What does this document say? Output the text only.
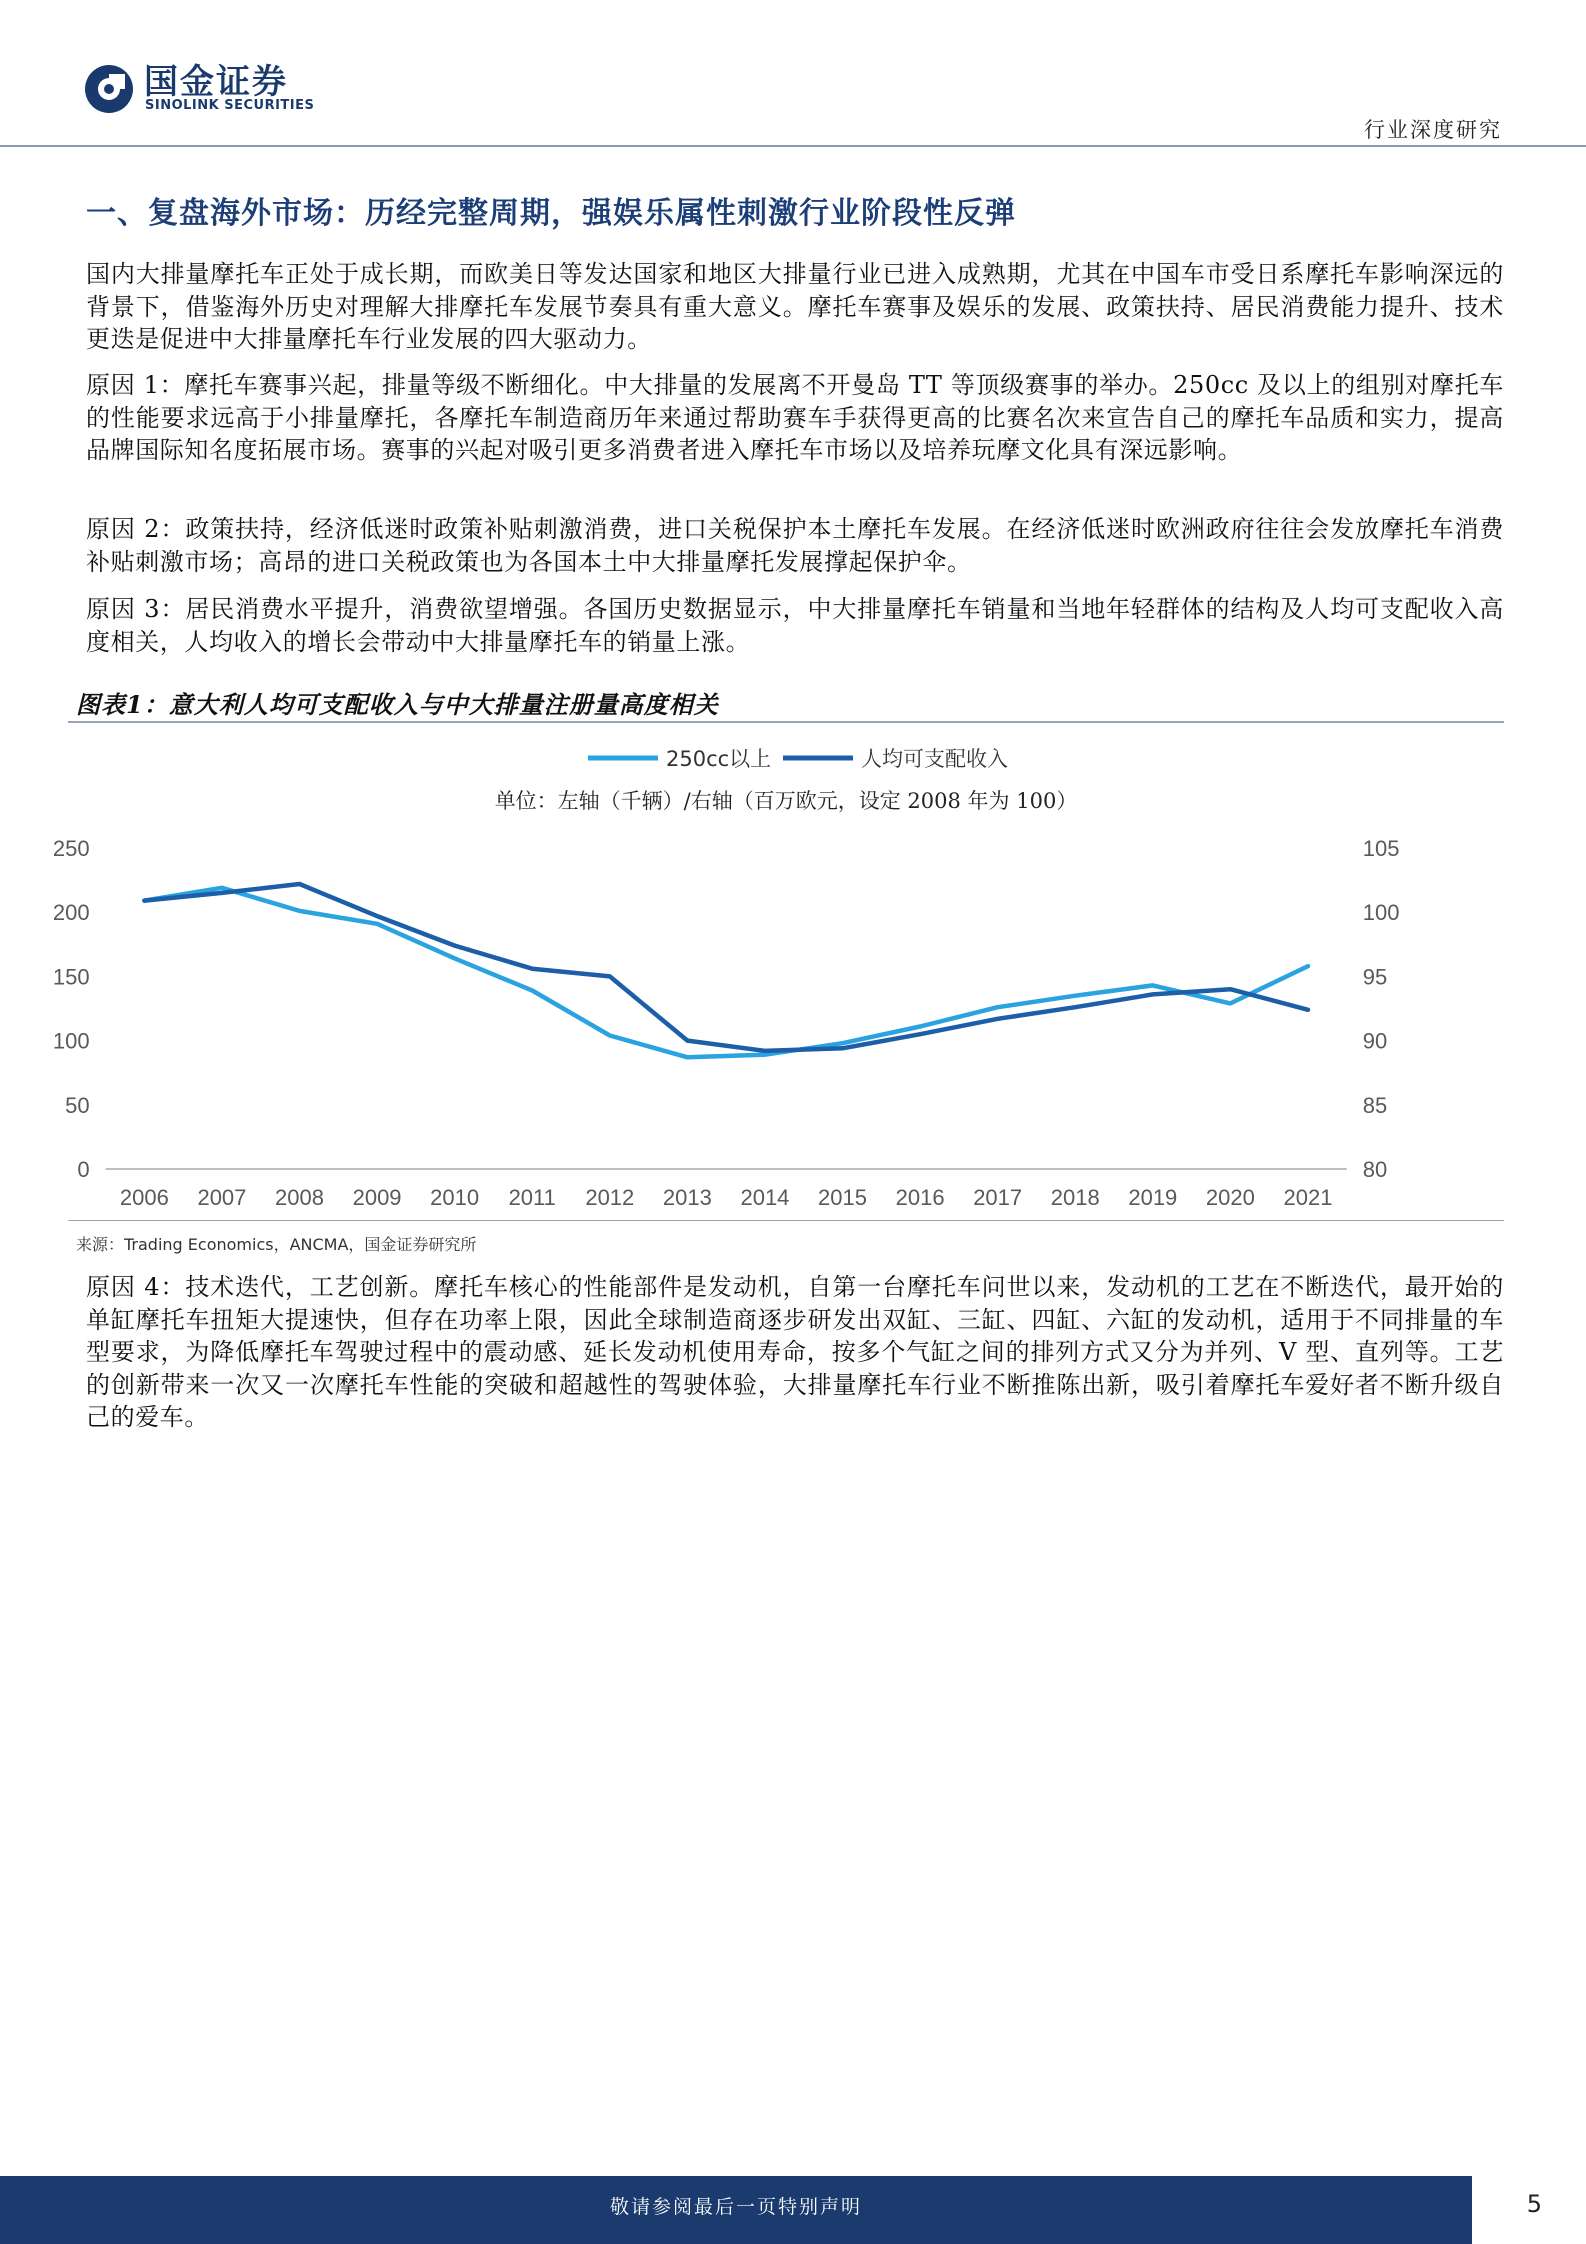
国金证券
SINOLINK SECURITIES
行业深度研究
一、复盘海外市场：历经完整周期，强娱乐属性刺激行业阶段性反弹

国内大排量摩托车正处于成长期，而欧美日等发达国家和地区大排量行业已进入成熟期，尤其在中国车市受日系摩托车影响深远的背景下，借鉴海外历史对理解大排摩托车发展节奏具有重大意义。摩托车赛事及娱乐的发展、政策扶持、居民消费能力提升、技术更迭是促进中大排量摩托车行业发展的四大驱动力。

原因 1：摩托车赛事兴起，排量等级不断细化。中大排量的发展离不开曼岛 TT 等顶级赛事的举办。250cc 及以上的组别对摩托车的性能要求远高于小排量摩托，各摩托车制造商历年来通过帮助赛车手获得更高的比赛名次来宣告自己的摩托车品质和实力，提高品牌国际知名度拓展市场。赛事的兴起对吸引更多消费者进入摩托车市场以及培养玩摩文化具有深远影响。

原因 2：政策扶持，经济低迷时政策补贴刺激消费，进口关税保护本土摩托车发展。在经济低迷时欧洲政府往往会发放摩托车消费补贴刺激市场；高昂的进口关税政策也为各国本土中大排量摩托发展撑起保护伞。

原因 3：居民消费水平提升，消费欲望增强。各国历史数据显示，中大排量摩托车销量和当地年轻群体的结构及人均可支配收入高度相关，人均收入的增长会带动中大排量摩托车的销量上涨。

图表1：意大利人均可支配收入与中大排量注册量高度相关
250cc以上	人均可支配收入
单位：左轴（千辆）/右轴（百万欧元，设定 2008 年为 100）
0
50
100
150
200
250
80
85
90
95
100
105
2006 2007 2008 2009 2010 2011 2012 2013 2014 2015 2016 2017 2018 2019 2020 2021
来源：Trading Economics，ANCMA，国金证券研究所

原因 4：技术迭代，工艺创新。摩托车核心的性能部件是发动机，自第一台摩托车问世以来，发动机的工艺在不断迭代，最开始的单缸摩托车扭矩大提速快，但存在功率上限，因此全球制造商逐步研发出双缸、三缸、四缸、六缸的发动机，适用于不同排量的车型要求，为降低摩托车驾驶过程中的震动感、延长发动机使用寿命，按多个气缸之间的排列方式又分为并列、V 型、直列等。工艺的创新带来一次又一次摩托车性能的突破和超越性的驾驶体验，大排量摩托车行业不断推陈出新，吸引着摩托车爱好者不断升级自己的爱车。

敬请参阅最后一页特别声明	5
